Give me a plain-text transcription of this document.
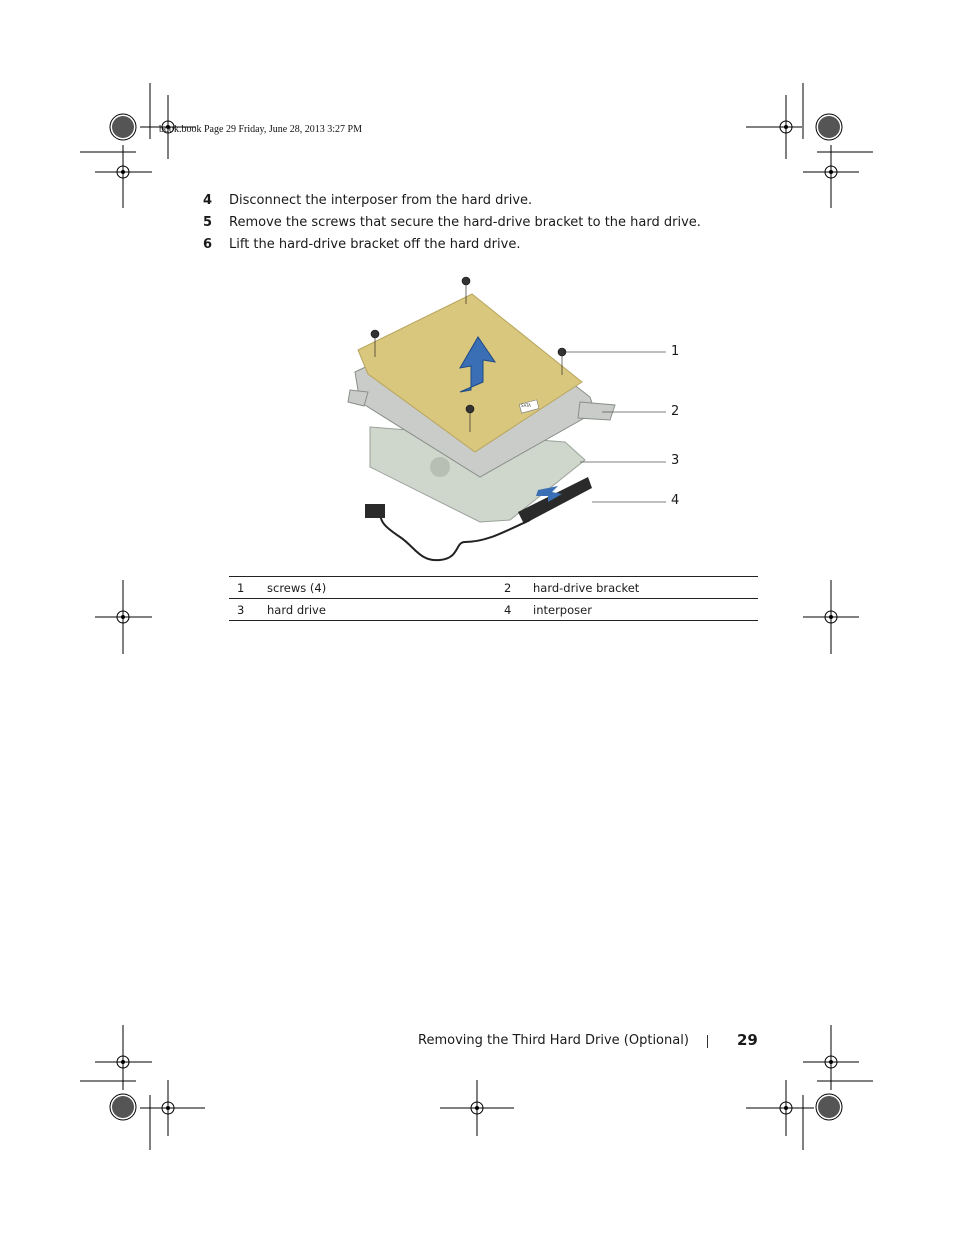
book.book Page 29 Friday, June 28, 2013 3:27 PM
4 Disconnect the interposer from the hard drive.
5 Remove the screws that secure the hard-drive bracket to the hard drive.
6 Lift the hard-drive bracket off the hard drive.
1
2
3
4
SATA
1	screws (4)	2	hard-drive bracket
3	hard drive	4	interposer
Removing the Third Hard Drive (Optional)	29
